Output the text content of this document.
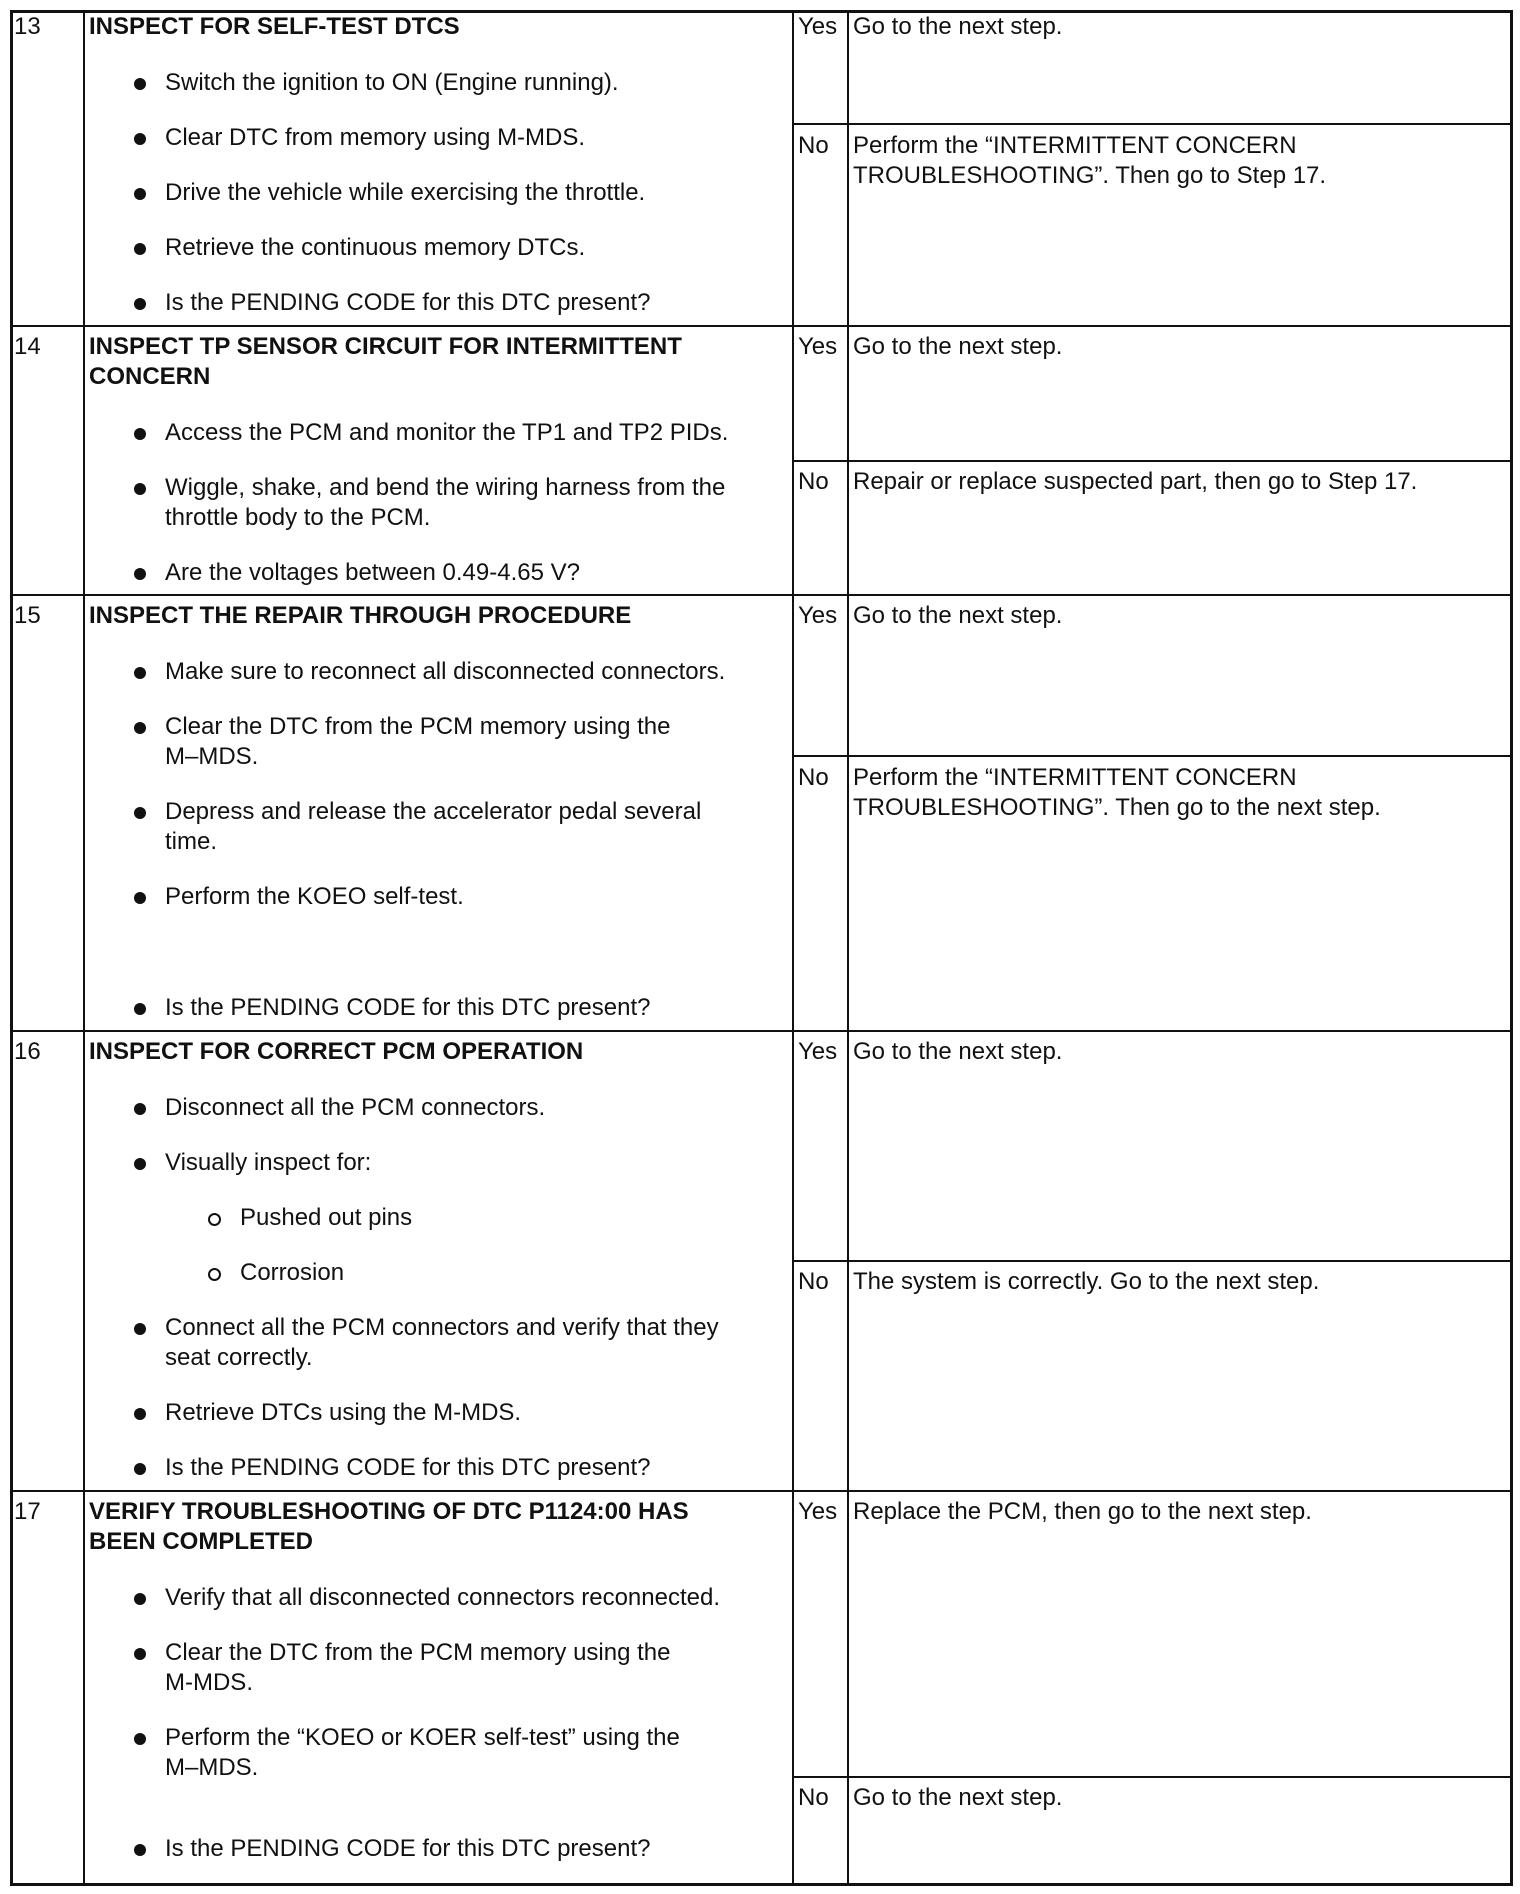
13 INSPECT FOR SELF-TEST DTCS
Switch the ignition to ON (Engine running).
Clear DTC from memory using M-MDS.
Drive the vehicle while exercising the throttle.
Retrieve the continuous memory DTCs.
Is the PENDING CODE for this DTC present?
Yes Go to the next step.
No Perform the “INTERMITTENT CONCERN
TROUBLESHOOTING”. Then go to Step 17.
14 INSPECT TP SENSOR CIRCUIT FOR INTERMITTENT
CONCERN
Access the PCM and monitor the TP1 and TP2 PIDs.
Wiggle, shake, and bend the wiring harness from the
throttle body to the PCM.
Are the voltages between 0.49-4.65 V?
Yes Go to the next step.
No Repair or replace suspected part, then go to Step 17.
15 INSPECT THE REPAIR THROUGH PROCEDURE
Make sure to reconnect all disconnected connectors.
Clear the DTC from the PCM memory using the
M–MDS.
Depress and release the accelerator pedal several
time.
Perform the KOEO self-test.
Is the PENDING CODE for this DTC present?
Yes Go to the next step.
No Perform the “INTERMITTENT CONCERN
TROUBLESHOOTING”. Then go to the next step.
16 INSPECT FOR CORRECT PCM OPERATION
Disconnect all the PCM connectors.
Visually inspect for:
Pushed out pins
Corrosion
Connect all the PCM connectors and verify that they
seat correctly.
Retrieve DTCs using the M-MDS.
Is the PENDING CODE for this DTC present?
Yes Go to the next step.
No The system is correctly. Go to the next step.
17 VERIFY TROUBLESHOOTING OF DTC P1124:00 HAS
BEEN COMPLETED
Verify that all disconnected connectors reconnected.
Clear the DTC from the PCM memory using the
M-MDS.
Perform the “KOEO or KOER self-test” using the
M–MDS.
Is the PENDING CODE for this DTC present?
Yes Replace the PCM, then go to the next step.
No Go to the next step.
